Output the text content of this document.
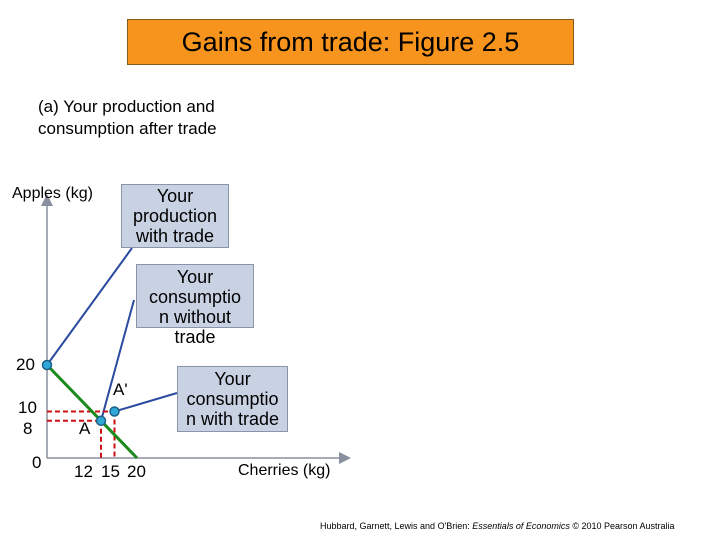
Gains from trade: Figure 2.5
(a) Your production and
consumption after trade
Your
production
with trade
Your
consumptio
n without
trade
Your
consumptio
n with trade
Apples (kg)
Cherries (kg)
20
10
8
0 12 15 20
A'
A
Hubbard, Garnett, Lewis and O'Brien: Essentials of Economics © 2010 Pearson Australia
